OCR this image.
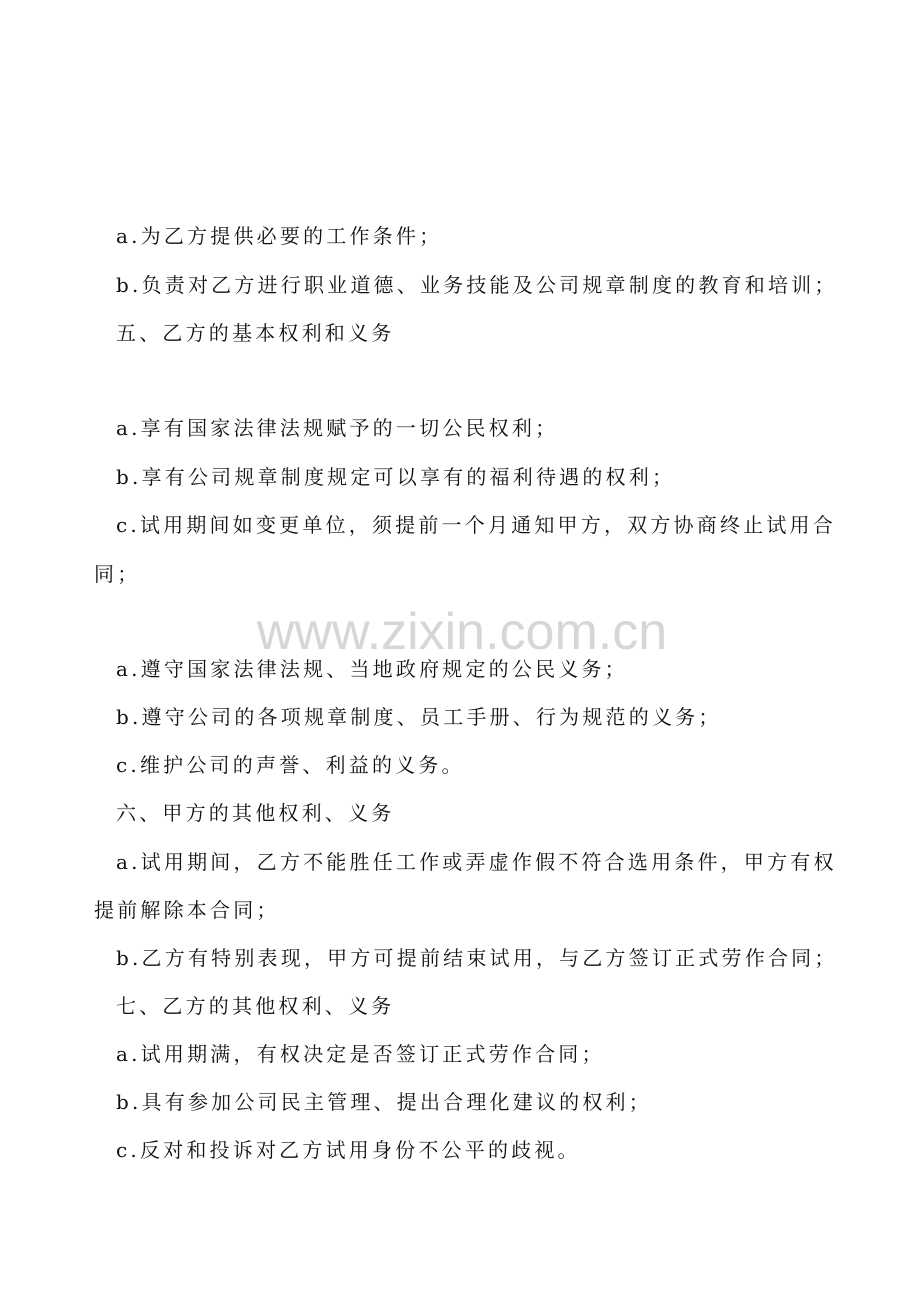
www.zixin.com.cn
a.为乙方提供必要的工作条件；
b.负责对乙方进行职业道德、业务技能及公司规章制度的教育和培训；
五、乙方的基本权利和义务
a.享有国家法律法规赋予的一切公民权利；
b.享有公司规章制度规定可以享有的福利待遇的权利；
c.试用期间如变更单位，须提前一个月通知甲方，双方协商终止试用合
同；
a.遵守国家法律法规、当地政府规定的公民义务；
b.遵守公司的各项规章制度、员工手册、行为规范的义务；
c.维护公司的声誉、利益的义务。
六、甲方的其他权利、义务
a.试用期间，乙方不能胜任工作或弄虚作假不符合选用条件，甲方有权
提前解除本合同；
b.乙方有特别表现，甲方可提前结束试用，与乙方签订正式劳作合同；
七、乙方的其他权利、义务
a.试用期满，有权决定是否签订正式劳作合同；
b.具有参加公司民主管理、提出合理化建议的权利；
c.反对和投诉对乙方试用身份不公平的歧视。
